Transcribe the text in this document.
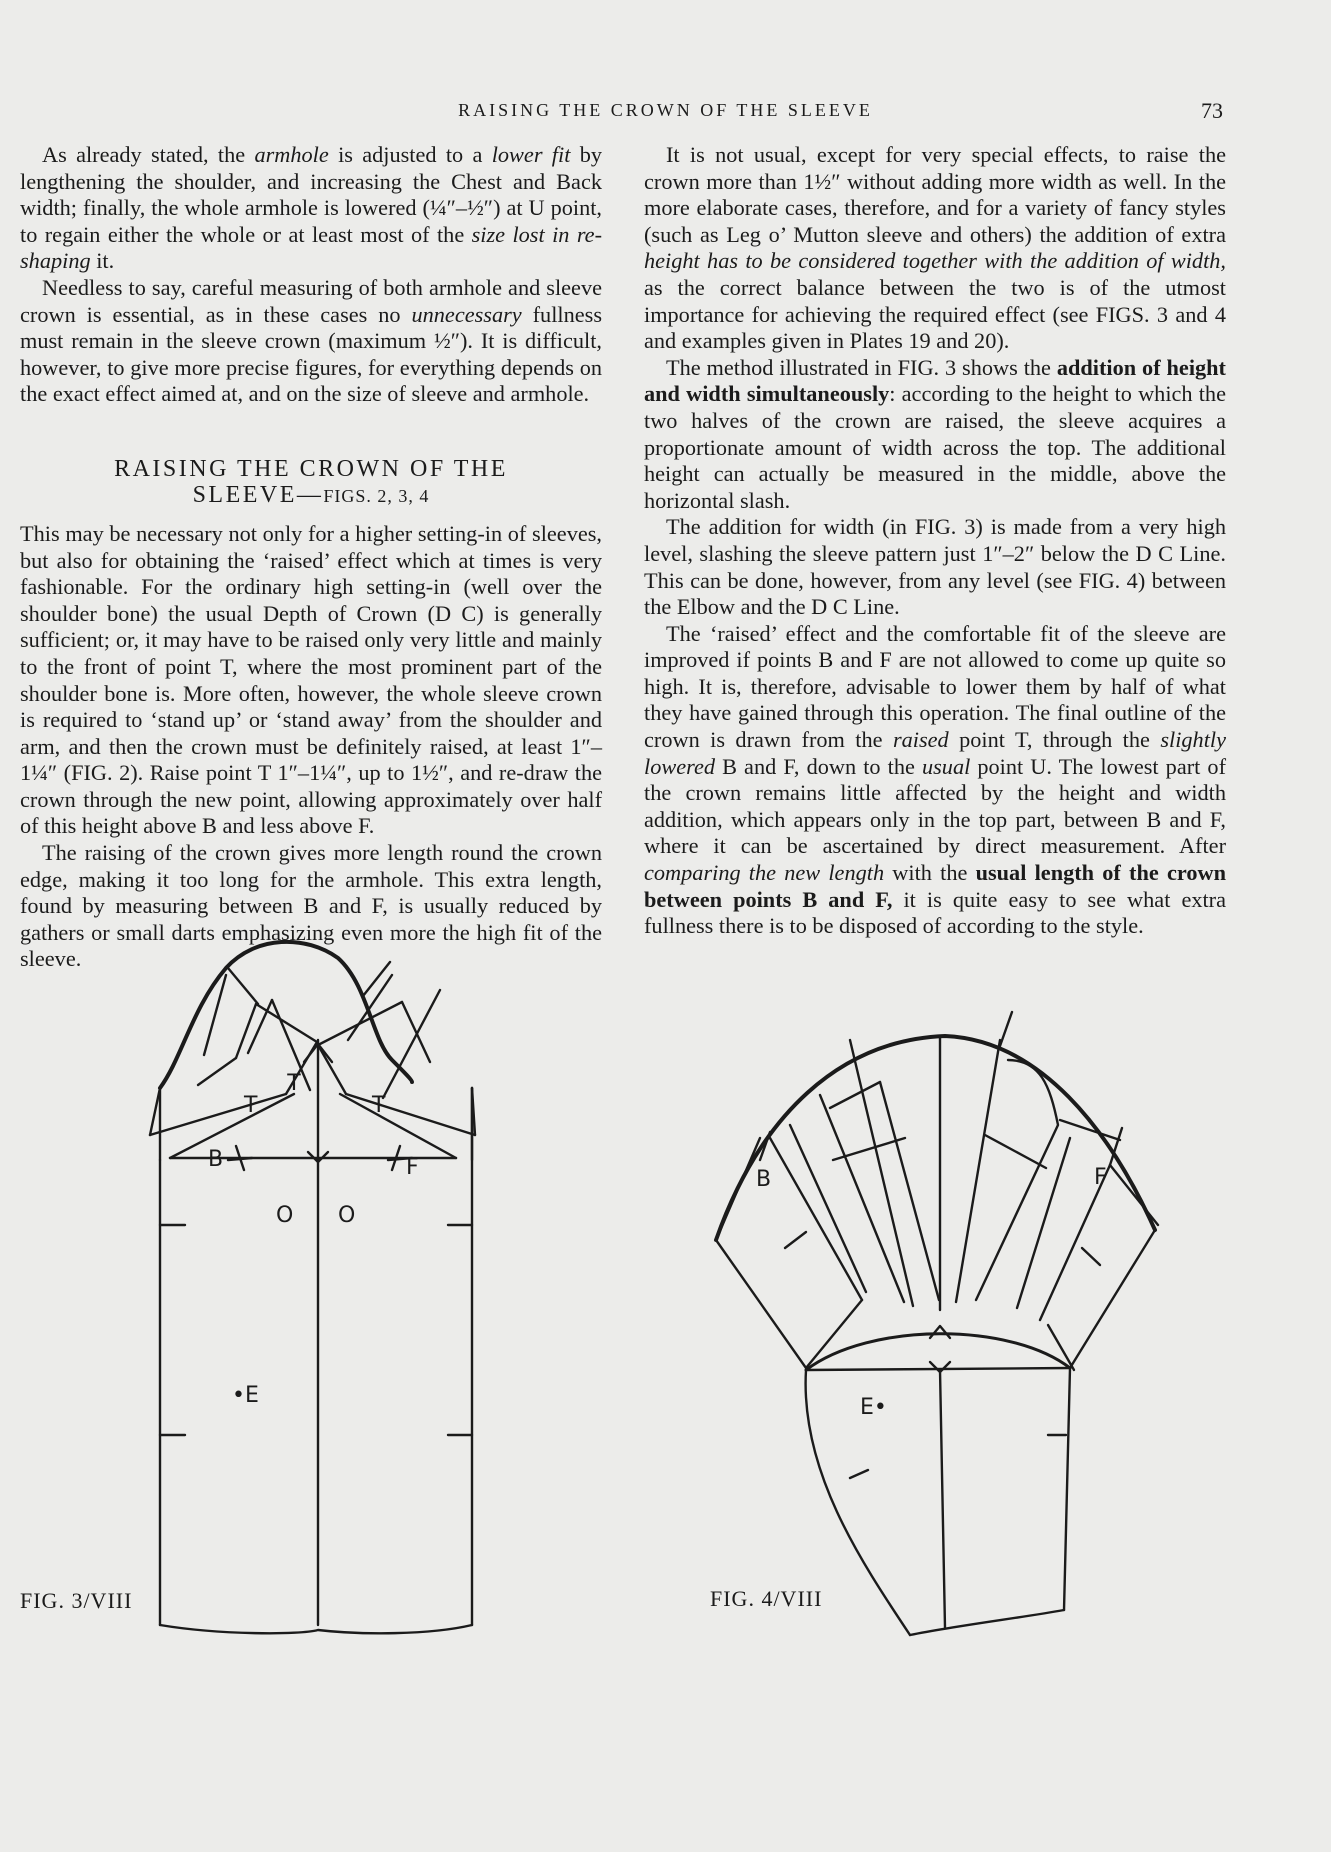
RAISING THE CROWN OF THE SLEEVE	73

As already stated, the armhole is adjusted to a lower fit by lengthening the shoulder, and increasing the Chest and Back width; finally, the whole armhole is lowered (¼″–½″) at U point, to regain either the whole or at least most of the size lost in re-shaping it.

Needless to say, careful measuring of both armhole and sleeve crown is essential, as in these cases no unnecessary fullness must remain in the sleeve crown (maximum ½″). It is difficult, however, to give more precise figures, for everything depends on the exact effect aimed at, and on the size of sleeve and armhole.

RAISING THE CROWN OF THE
SLEEVE—FIGS. 2, 3, 4

This may be necessary not only for a higher setting-in of sleeves, but also for obtaining the ‘raised’ effect which at times is very fashionable. For the ordinary high setting-in (well over the shoulder bone) the usual Depth of Crown (D C) is generally sufficient; or, it may have to be raised only very little and mainly to the front of point T, where the most prominent part of the shoulder bone is. More often, however, the whole sleeve crown is required to ‘stand up’ or ‘stand away’ from the shoulder and arm, and then the crown must be definitely raised, at least 1″–1¼″ (FIG. 2). Raise point T 1″–1¼″, up to 1½″, and re-draw the crown through the new point, allowing approximately over half of this height above B and less above F.

The raising of the crown gives more length round the crown edge, making it too long for the armhole. This extra length, found by measuring between B and F, is usually reduced by gathers or small darts emphasizing even more the high fit of the sleeve.

It is not usual, except for very special effects, to raise the crown more than 1½″ without adding more width as well. In the more elaborate cases, therefore, and for a variety of fancy styles (such as Leg o’ Mutton sleeve and others) the addition of extra height has to be considered together with the addition of width, as the correct balance between the two is of the utmost importance for achieving the required effect (see FIGS. 3 and 4 and examples given in Plates 19 and 20).

The method illustrated in FIG. 3 shows the addition of height and width simultaneously: according to the height to which the two halves of the crown are raised, the sleeve acquires a proportionate amount of width across the top. The additional height can actually be measured in the middle, above the horizontal slash.

The addition for width (in FIG. 3) is made from a very high level, slashing the sleeve pattern just 1″–2″ below the D C Line. This can be done, however, from any level (see FIG. 4) between the Elbow and the D C Line.

The ‘raised’ effect and the comfortable fit of the sleeve are improved if points B and F are not allowed to come up quite so high. It is, therefore, advisable to lower them by half of what they have gained through this operation. The final outline of the crown is drawn from the raised point T, through the slightly lowered B and F, down to the usual point U. The lowest part of the crown remains little affected by the height and width addition, which appears only in the top part, between B and F, where it can be ascertained by direct measurement. After comparing the new length with the usual length of the crown between points B and F, it is quite easy to see what extra fullness there is to be disposed of according to the style.

T
T	T
B	F
O O
•E
B	F
E•
FIG. 3/VIII	FIG. 4/VIII
